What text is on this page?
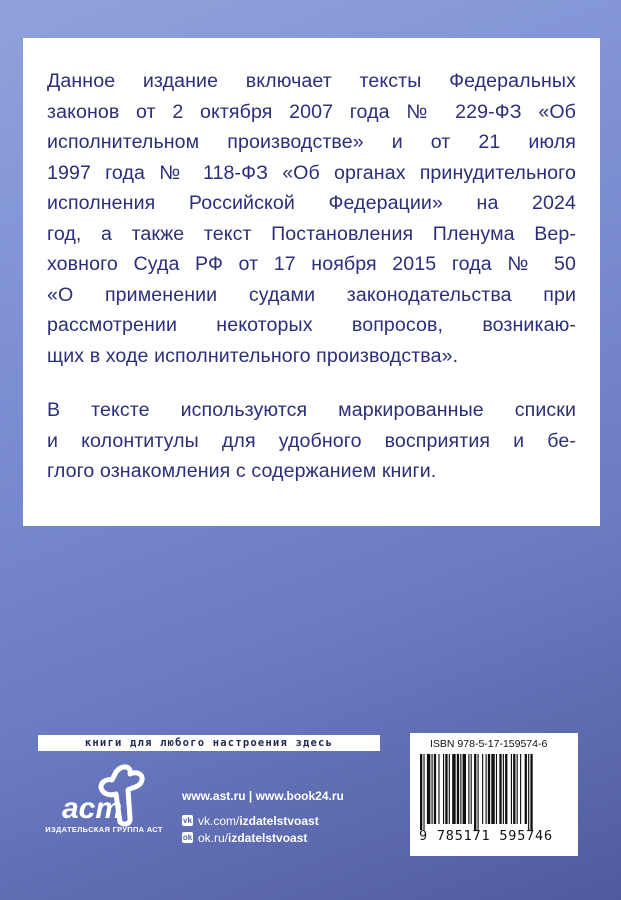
Данное издание включает тексты Федеральных
законов от 2 октября 2007 года № 229-ФЗ «Об
исполнительном производстве» и от 21 июля
1997 года № 118-ФЗ «Об органах принудительного
исполнения Российской Федерации» на 2024
год, а также текст Постановления Пленума Вер-
ховного Суда РФ от 17 ноября 2015 года № 50
«О применении судами законодательства при
рассмотрении некоторых вопросов, возникаю-
щих в ходе исполнительного производства».

В тексте используются маркированные списки
и колонтитулы для удобного восприятия и бе-
глого ознакомления с содержанием книги.

книги для любого настроения здесь
аст
ИЗДАТЕЛЬСКАЯ ГРУППА АСТ
www.ast.ru | www.book24.ru
vk vk.com/ izdatelstvoast
ok ok.ru/ izdatelstvoast
ISBN 978-5-17-159574-6
9 785171 595746
